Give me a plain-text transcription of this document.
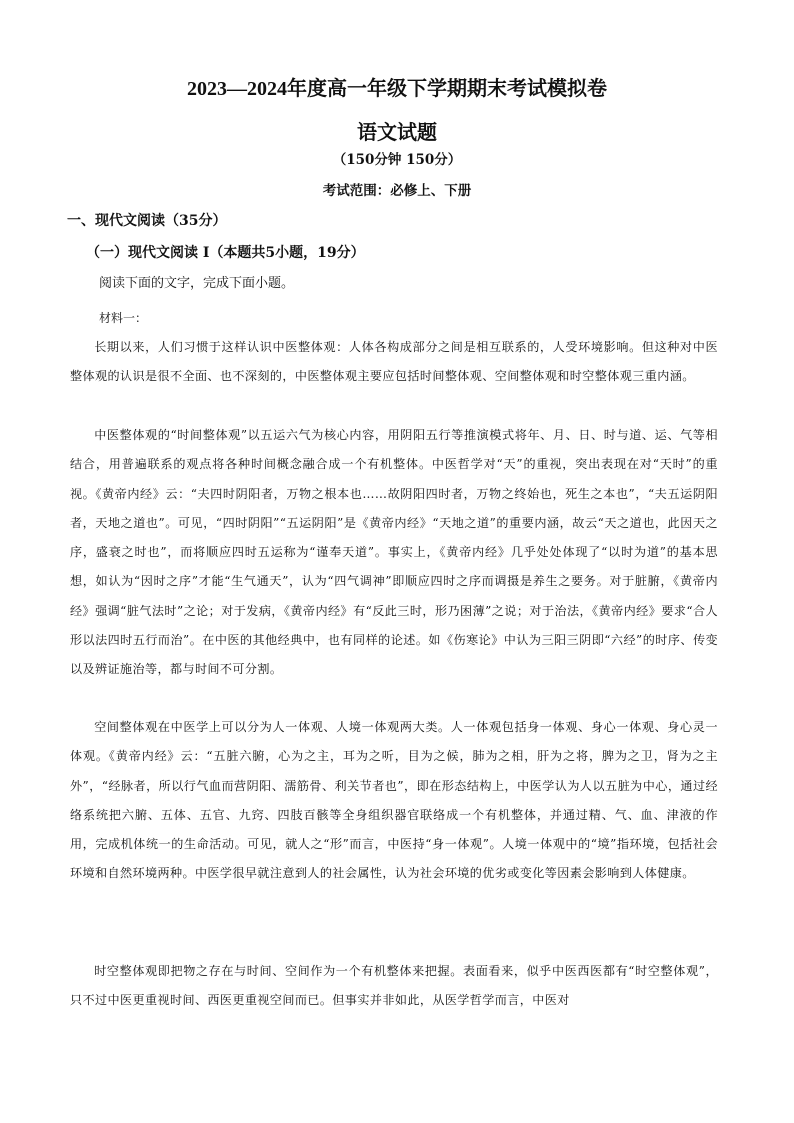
2023—2024年度高一年级下学期期末考试模拟卷
语文试题
（150分钟 150分）
考试范围：必修上、下册
一、现代文阅读（35分）
（一）现代文阅读 I（本题共5小题，19分）
阅读下面的文字，完成下面小题。
材料一：
长期以来，人们习惯于这样认识中医整体观：人体各构成部分之间是相互联系的，人受环境影响。但这种对中医整体观的认识是很不全面、也不深刻的，中医整体观主要应包括时间整体观、空间整体观和时空整体观三重内涵。
中医整体观的“时间整体观”以五运六气为核心内容，用阴阳五行等推演模式将年、月、日、时与道、运、气等相结合，用普遍联系的观点将各种时间概念融合成一个有机整体。中医哲学对“天”的重视，突出表现在对“天时”的重视。《黄帝内经》云：“夫四时阴阳者，万物之根本也……故阴阳四时者，万物之终始也，死生之本也”，“夫五运阴阳者，天地之道也”。可见，“四时阴阳”“五运阴阳”是《黄帝内经》“天地之道”的重要内涵，故云“天之道也，此因天之序，盛衰之时也”，而将顺应四时五运称为“谨奉天道”。事实上，《黄帝内经》几乎处处体现了“以时为道”的基本思想，如认为“因时之序”才能“生气通天”，认为“四气调神”即顺应四时之序而调摄是养生之要务。对于脏腑，《黄帝内经》强调“脏气法时”之论；对于发病，《黄帝内经》有“反此三时，形乃困薄”之说；对于治法，《黄帝内经》要求“合人形以法四时五行而治”。在中医的其他经典中，也有同样的论述。如《伤寒论》中认为三阳三阴即“六经”的时序、传变以及辨证施治等，都与时间不可分割。
空间整体观在中医学上可以分为人一体观、人境一体观两大类。人一体观包括身一体观、身心一体观、身心灵一体观。《黄帝内经》云：“五脏六腑，心为之主，耳为之听，目为之候，肺为之相，肝为之将，脾为之卫，肾为之主外”，“经脉者，所以行气血而营阴阳、濡筋骨、利关节者也”，即在形态结构上，中医学认为人以五脏为中心，通过经络系统把六腑、五体、五官、九窍、四肢百骸等全身组织器官联络成一个有机整体，并通过精、气、血、津液的作用，完成机体统一的生命活动。可见，就人之“形”而言，中医持“身一体观”。人境一体观中的“境”指环境，包括社会环境和自然环境两种。中医学很早就注意到人的社会属性，认为社会环境的优劣或变化等因素会影响到人体健康。
时空整体观即把物之存在与时间、空间作为一个有机整体来把握。表面看来，似乎中医西医都有“时空整体观”，只不过中医更重视时间、西医更重视空间而已。但事实并非如此，从医学哲学而言，中医对
